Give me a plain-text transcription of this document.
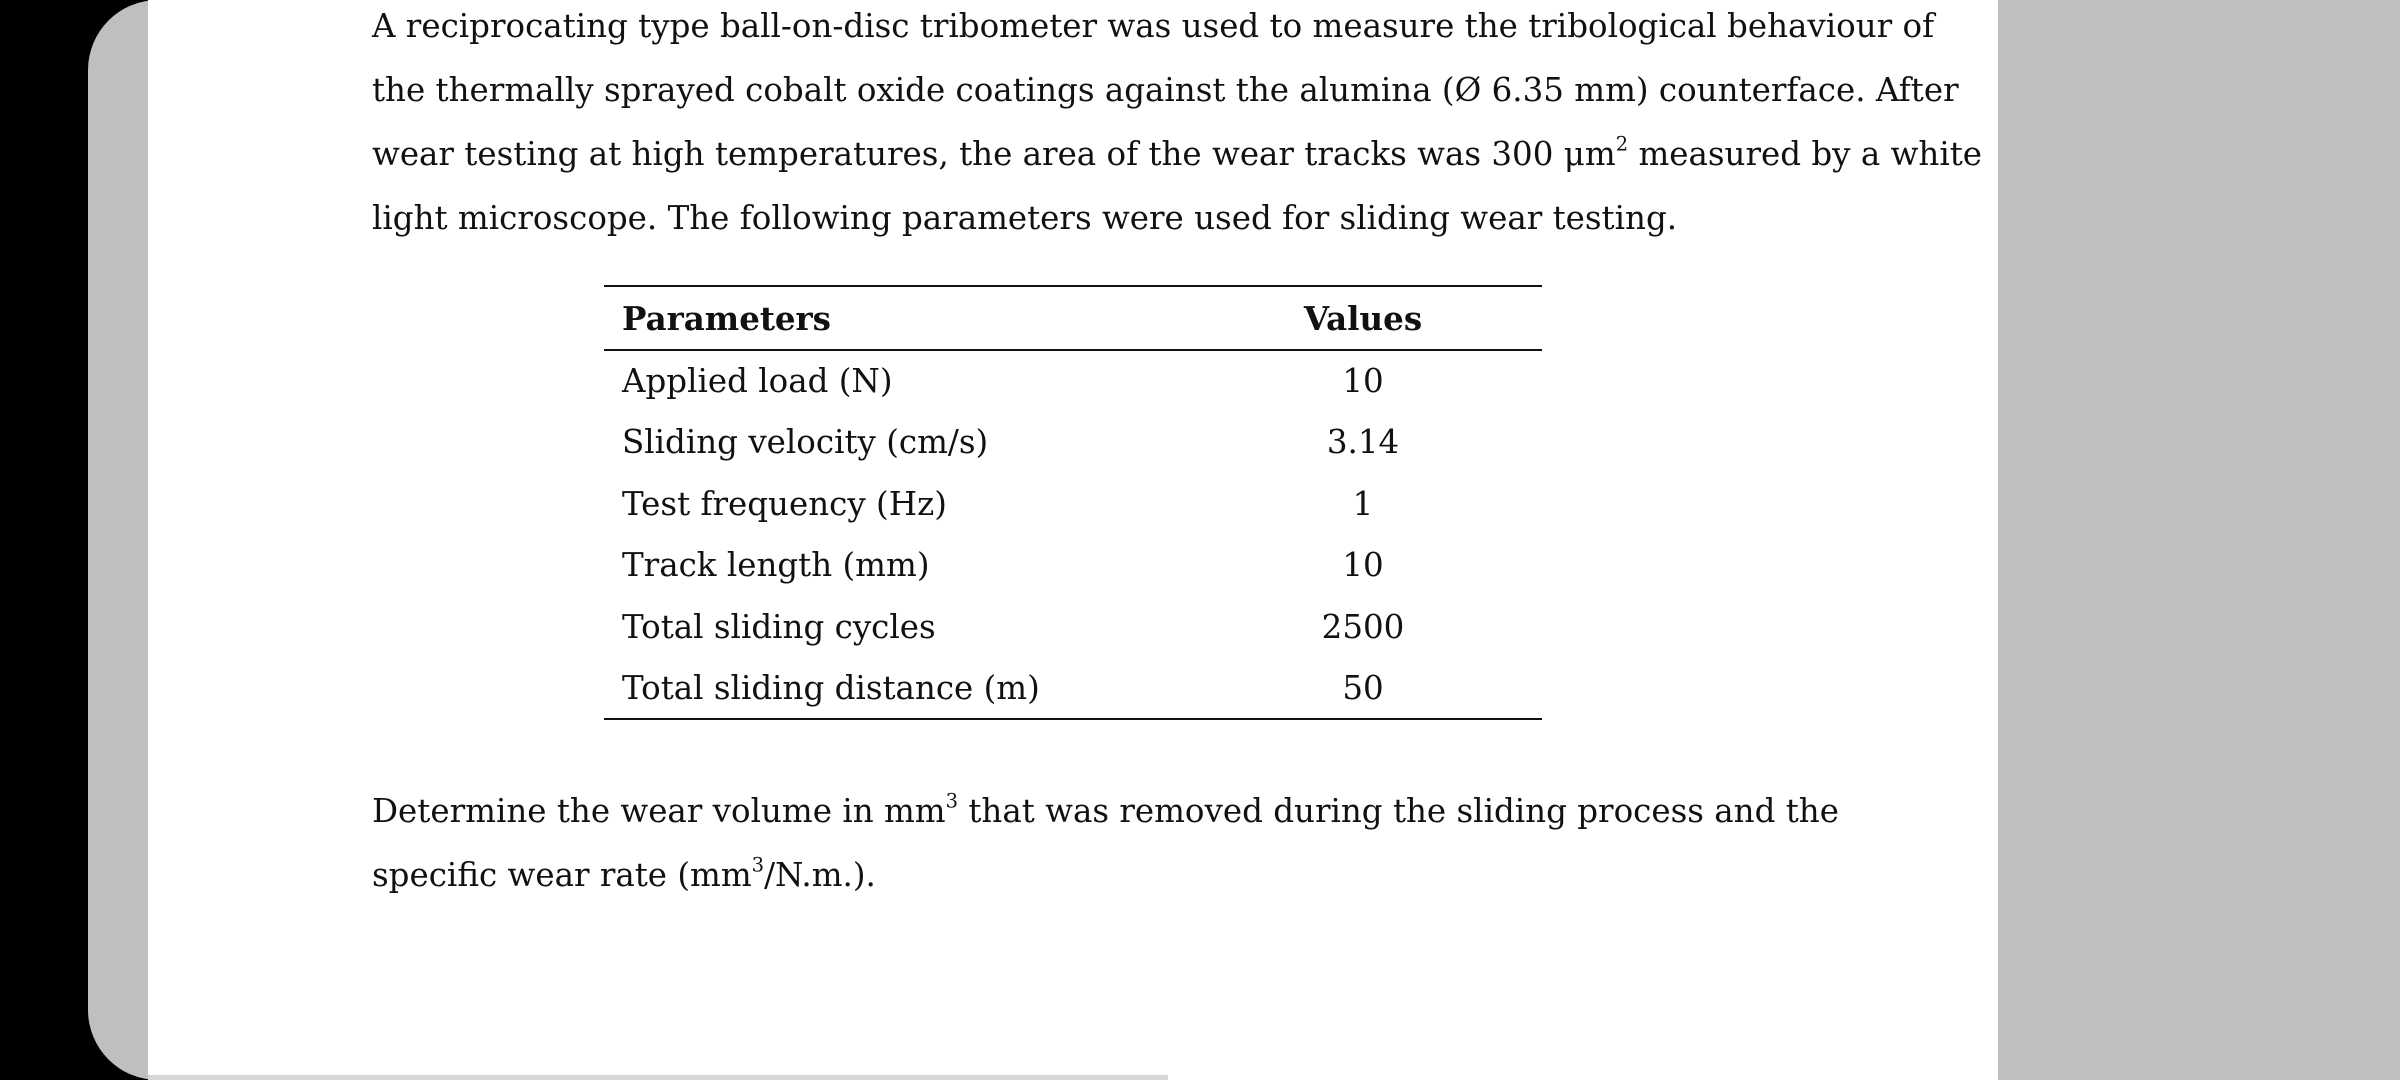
A reciprocating type ball-on-disc tribometer was used to measure the tribological behaviour of
the thermally sprayed cobalt oxide coatings against the alumina (Ø 6.35 mm) counterface. After
wear testing at high temperatures, the area of the wear tracks was 300 $\mu m^2$ measured by a white
light microscope. The following parameters were used for sliding wear testing.
Parameters	Values
Applied load (N)	10
Sliding velocity (cm/s)	3.14
Test frequency (Hz)	1
Track length (mm)	10
Total sliding cycles	2500
Total sliding distance (m)	50
Determine the wear volume in $mm^3$ that was removed during the sliding process and the
specific wear rate $(mm^3/N.m.)$.
